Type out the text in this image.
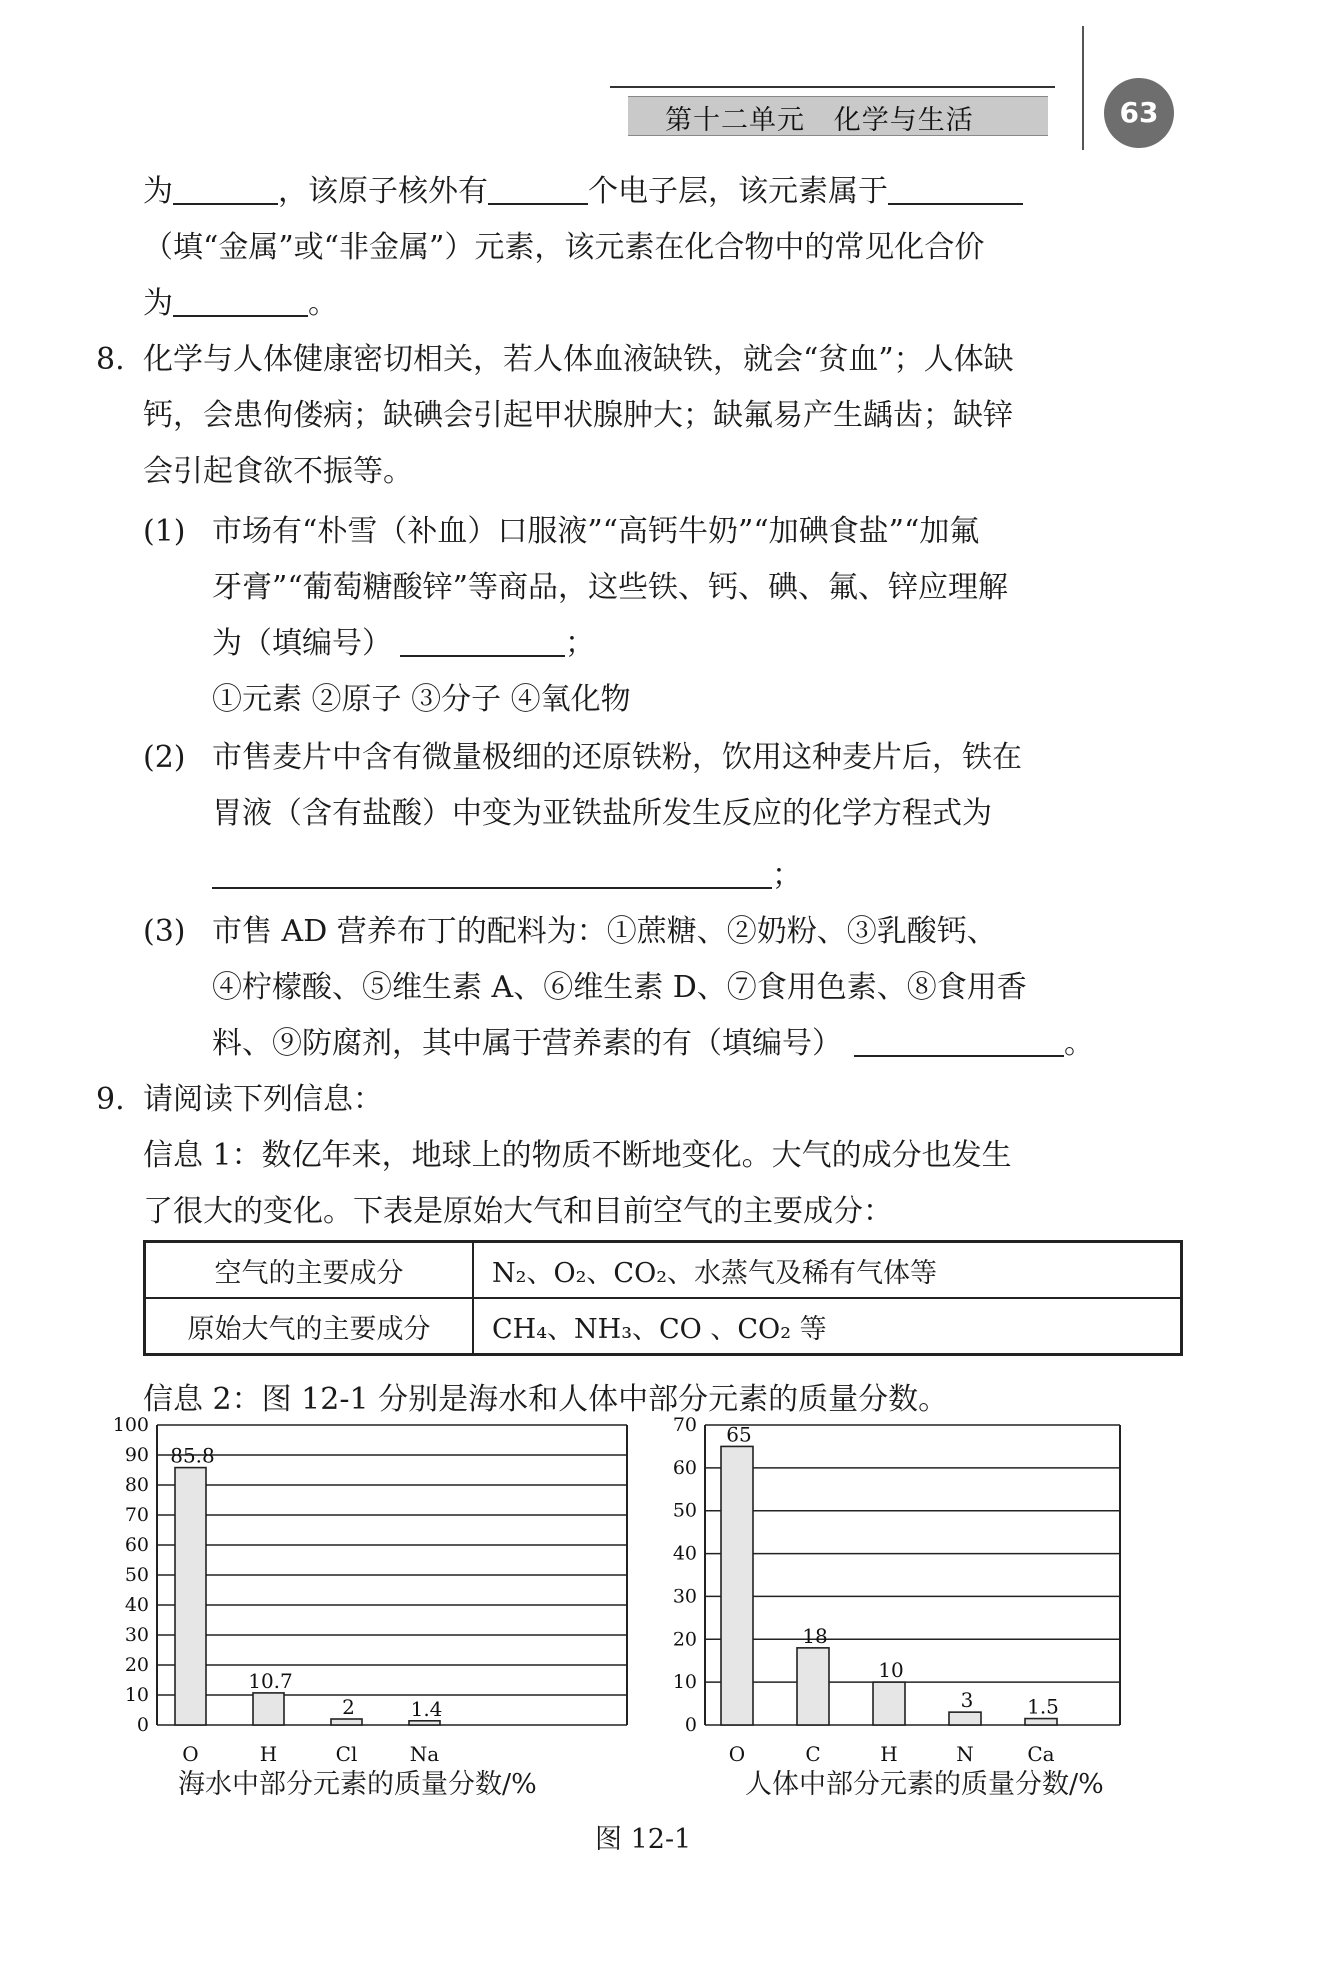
第十二单元   化学与生活	63
为	，该原子核外有	个电子层，该元素属于
（填“金属”或“非金属”）元素，该元素在化合物中的常见化合价
为	。
8. 化学与人体健康密切相关，若人体血液缺铁，就会“贫血”；人体缺
钙，会患佝偻病；缺碘会引起甲状腺肿大；缺氟易产生龋齿；缺锌
会引起食欲不振等。
(1) 市场有“朴雪（补血）口服液”“高钙牛奶”“加碘食盐”“加氟
牙膏”“葡萄糖酸锌”等商品，这些铁、钙、碘、氟、锌应理解
为（填编号）	；
①元素 ②原子 ③分子 ④氧化物
(2) 市售麦片中含有微量极细的还原铁粉，饮用这种麦片后，铁在
胃液（含有盐酸）中变为亚铁盐所发生反应的化学方程式为
；
(3) 市售 AD 营养布丁的配料为：①蔗糖、②奶粉、③乳酸钙、
④柠檬酸、⑤维生素 A、⑥维生素 D、⑦食用色素、⑧食用香
料、⑨防腐剂，其中属于营养素的有（填编号）	。
9. 请阅读下列信息：
信息 1：数亿年来，地球上的物质不断地变化。大气的成分也发生
了很大的变化。下表是原始大气和目前空气的主要成分：
空气的主要成分	N₂、O₂、CO₂、水蒸气及稀有气体等
原始大气的主要成分	CH₄、NH₃、CO 、CO₂ 等
信息 2：图 12-1 分别是海水和人体中部分元素的质量分数。
0
10
20
30
40
50
60
70
80
90
100
85.8
O
10.7
H
2
Cl
1.4
Na
0
10
20
30
40
50
60
70 65
O
18
C
10
H
3
N
1.5
Ca
海水中部分元素的质量分数/%	人体中部分元素的质量分数/%
图 12-1
